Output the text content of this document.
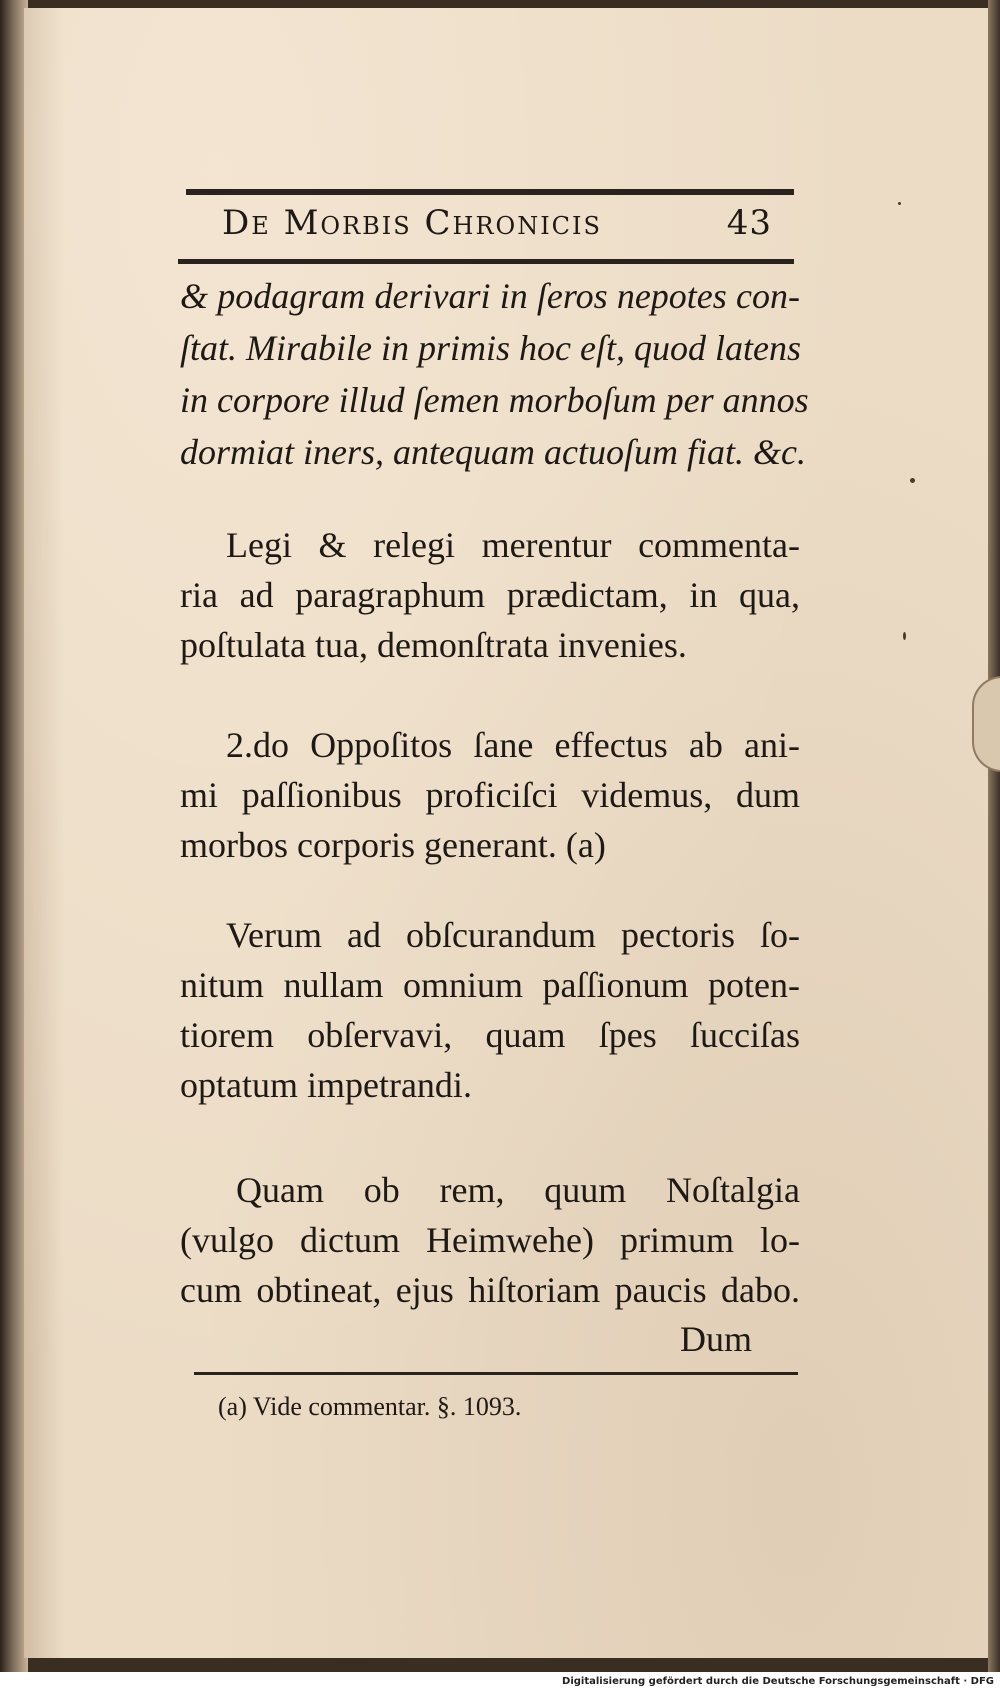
De Morbis Chronicis	43
& podagram derivari in ſeros nepotes con-
ſtat. Mirabile in primis hoc eſt, quod latens
in corpore illud ſemen morboſum per annos
dormiat iners, antequam actuoſum fiat. &c.
Legi & relegi merentur commenta-
ria ad paragraphum prædictam, in qua,
poſtulata tua, demonſtrata invenies.
2.do Oppoſitos ſane effectus ab ani-
mi paſſionibus proficiſci videmus, dum
morbos corporis generant. (a)
Verum ad obſcurandum pectoris ſo-
nitum nullam omnium paſſionum poten-
tiorem obſervavi, quam ſpes ſucciſas
optatum impetrandi.
Quam ob rem, quum Noſtalgia
(vulgo dictum Heimwehe) primum lo-
cum obtineat, ejus hiſtoriam paucis dabo.
Dum
(a) Vide commentar. §. 1093.
Digitalisierung gefördert durch die Deutsche Forschungsgemeinschaft · DFG
